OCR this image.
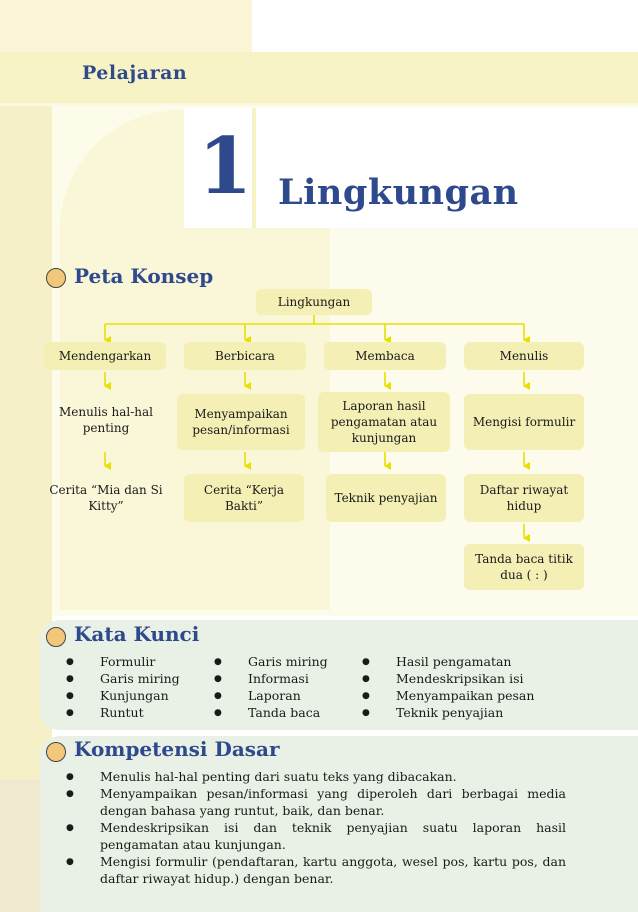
Pelajaran
1 Lingkungan
Peta Konsep
Lingkungan
Mendengarkan	Berbicara	Membaca	Menulis
Menulis hal-hal penting
Menyampaikan pesan/informasi
Laporan hasil pengamatan atau kunjungan
Mengisi formulir
Cerita “Mia dan Si Kitty”
Cerita “Kerja Bakti”
Teknik penyajian
Daftar riwayat hidup
Tanda baca titik dua ( : )
Kata Kunci
● Formulir
● Garis miring
● Kunjungan
● Runtut
● Garis miring
● Informasi
● Laporan
● Tanda baca
● Hasil pengamatan
● Mendeskripsikan isi
● Menyampaikan pesan
● Teknik penyajian
Kompetensi Dasar
● Menulis hal-hal penting dari suatu teks yang dibacakan.
● Menyampaikan pesan/informasi yang diperoleh dari berbagai media dengan bahasa yang runtut, baik, dan benar.
● Mendeskripsikan isi dan teknik penyajian suatu laporan hasil pengamatan atau kunjungan.
● Mengisi formulir (pendaftaran, kartu anggota, wesel pos, kartu pos, dan daftar riwayat hidup.) dengan benar.
